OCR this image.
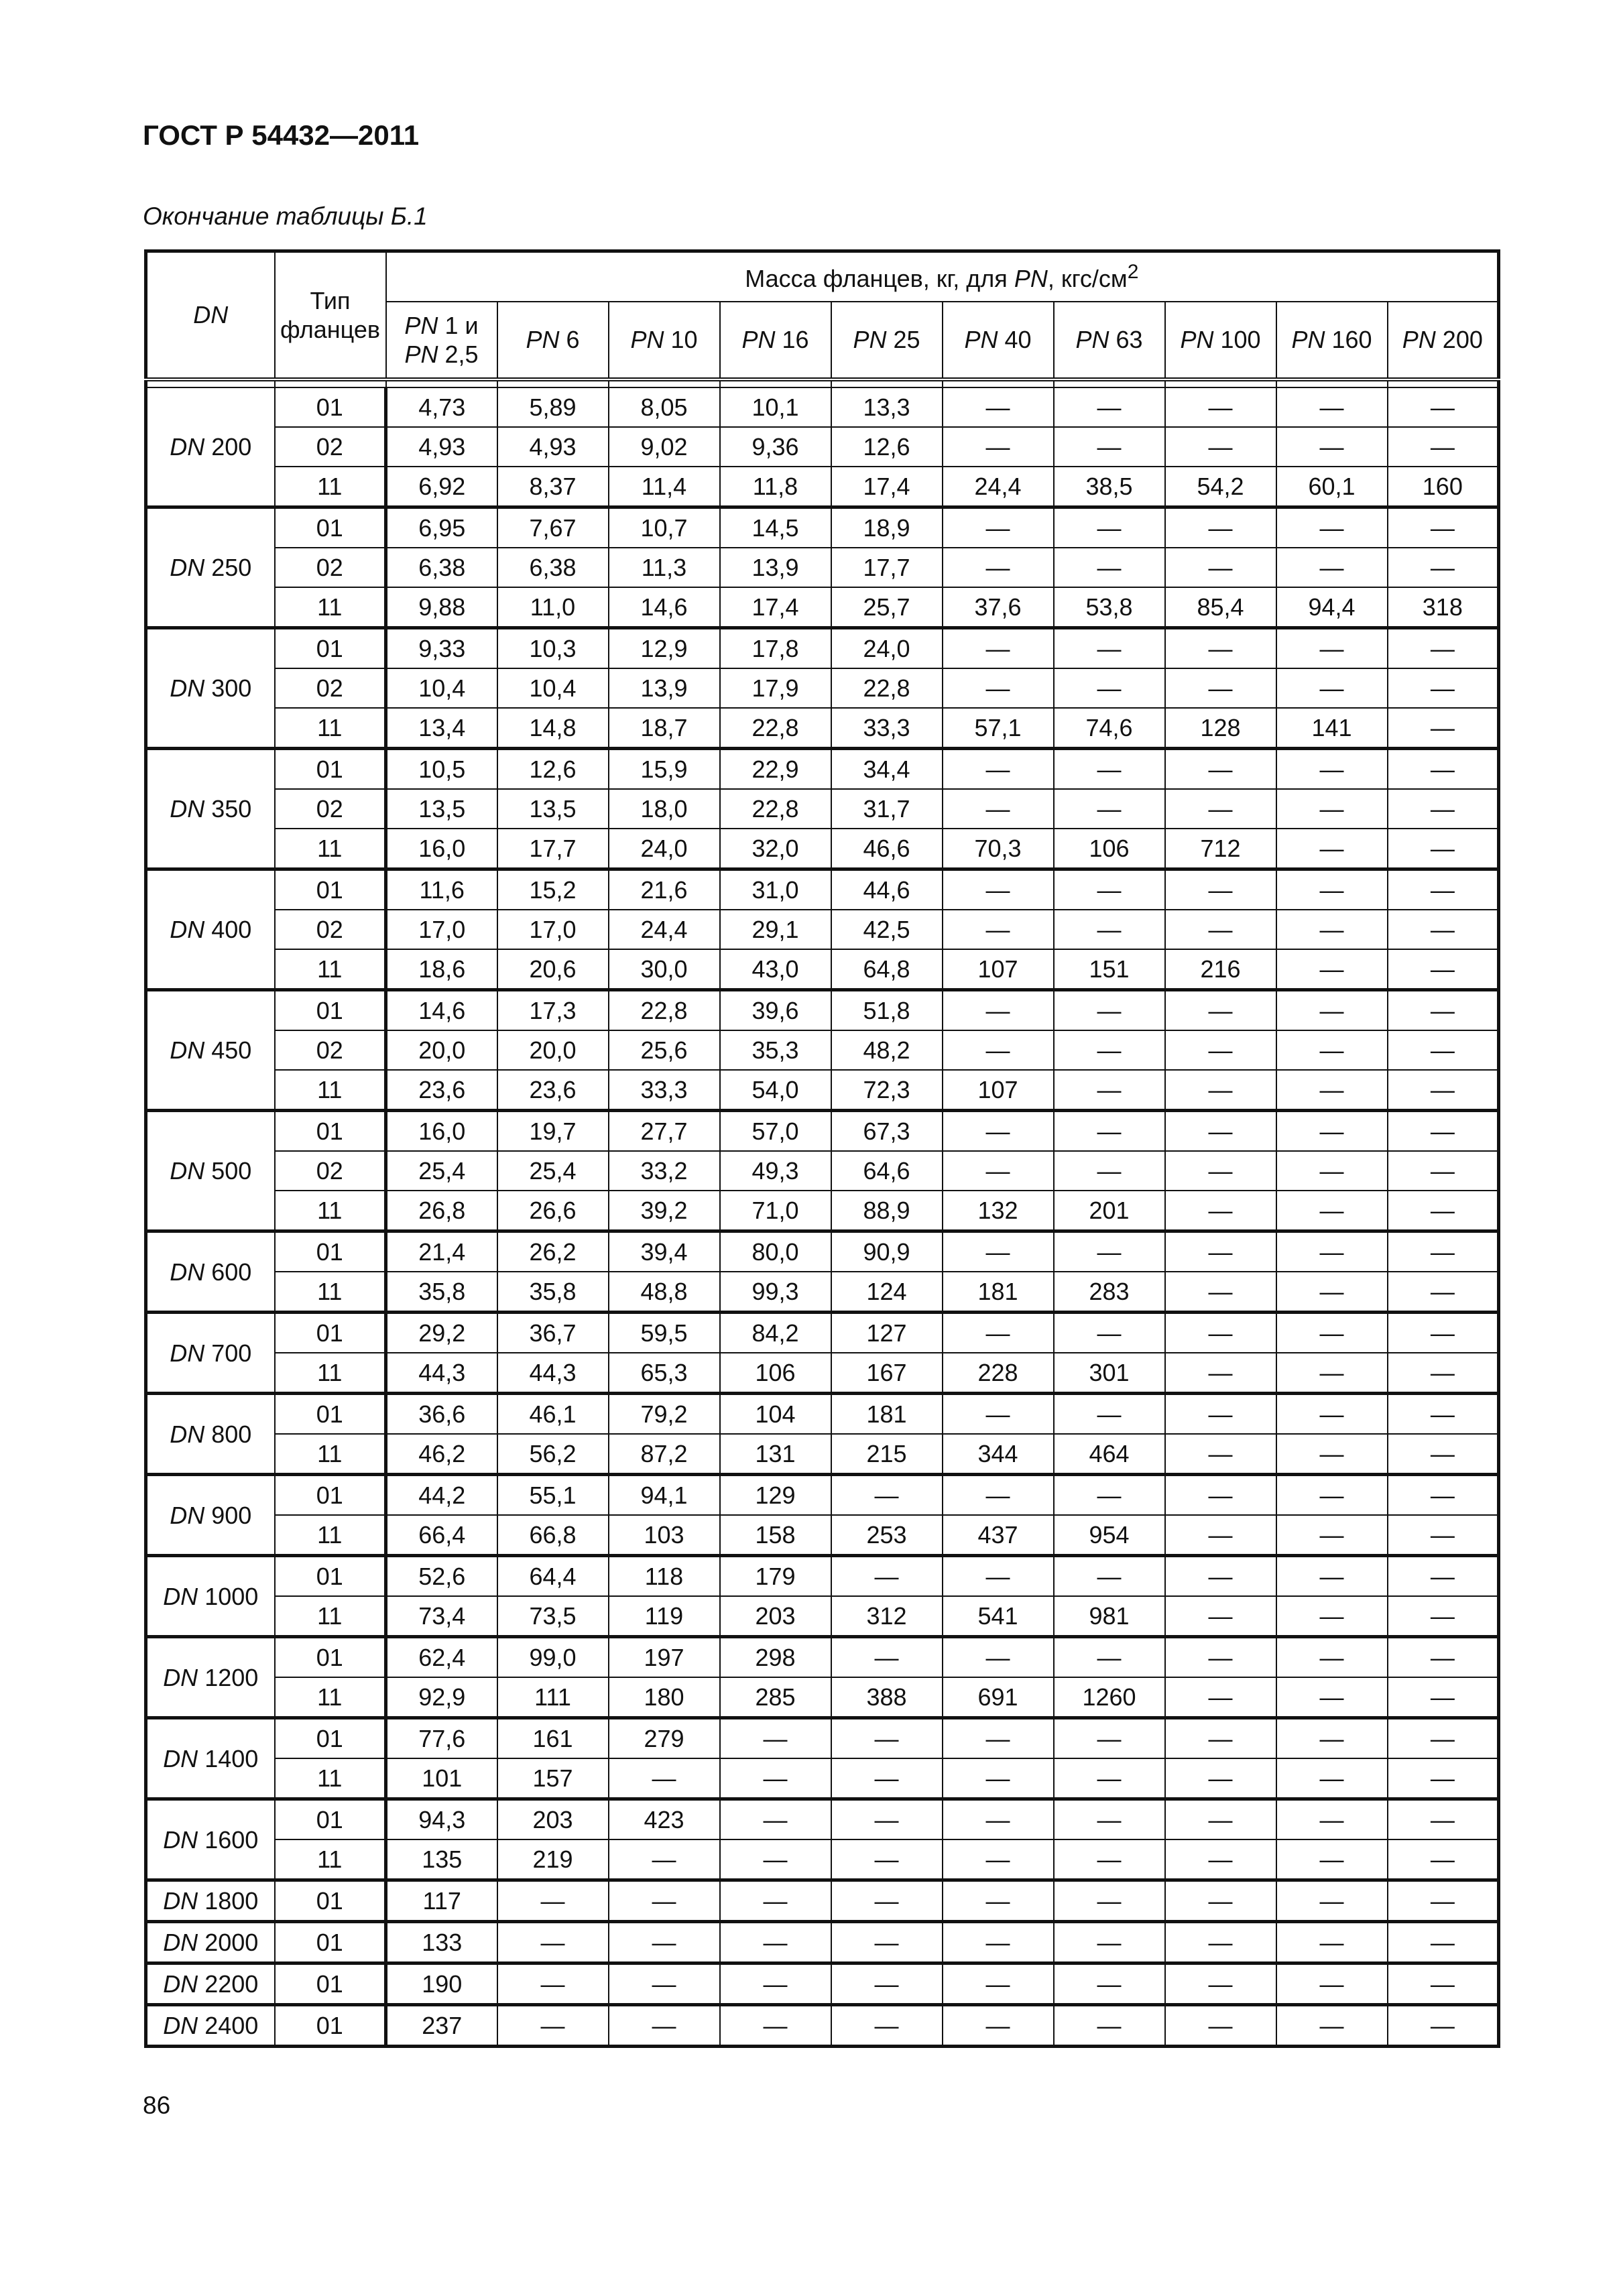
ГОСТ Р 54432—2011
Окончание таблицы Б.1
DN	Тип фланцев	Масса фланцев, кг, для PN, кгс/$см^2$
		PN 1 и
PN 2,5	PN 6	PN 10	PN 16	PN 25	PN 40	PN 63	PN 100	PN 160	PN 200

DN 200	01	4,73	5,89	8,05	10,1	13,3	—	—	—	—	—
	02	4,93	4,93	9,02	9,36	12,6	—	—	—	—	—
	11	6,92	8,37	11,4	11,8	17,4	24,4	38,5	54,2	60,1	160
DN 250	01	6,95	7,67	10,7	14,5	18,9	—	—	—	—	—
	02	6,38	6,38	11,3	13,9	17,7	—	—	—	—	—
	11	9,88	11,0	14,6	17,4	25,7	37,6	53,8	85,4	94,4	318
DN 300	01	9,33	10,3	12,9	17,8	24,0	—	—	—	—	—
	02	10,4	10,4	13,9	17,9	22,8	—	—	—	—	—
	11	13,4	14,8	18,7	22,8	33,3	57,1	74,6	128	141	—
DN 350	01	10,5	12,6	15,9	22,9	34,4	—	—	—	—	—
	02	13,5	13,5	18,0	22,8	31,7	—	—	—	—	—
	11	16,0	17,7	24,0	32,0	46,6	70,3	106	712	—	—
DN 400	01	11,6	15,2	21,6	31,0	44,6	—	—	—	—	—
	02	17,0	17,0	24,4	29,1	42,5	—	—	—	—	—
	11	18,6	20,6	30,0	43,0	64,8	107	151	216	—	—
DN 450	01	14,6	17,3	22,8	39,6	51,8	—	—	—	—	—
	02	20,0	20,0	25,6	35,3	48,2	—	—	—	—	—
	11	23,6	23,6	33,3	54,0	72,3	107	—	—	—	—
DN 500	01	16,0	19,7	27,7	57,0	67,3	—	—	—	—	—
	02	25,4	25,4	33,2	49,3	64,6	—	—	—	—	—
	11	26,8	26,6	39,2	71,0	88,9	132	201	—	—	—
DN 600	01	21,4	26,2	39,4	80,0	90,9	—	—	—	—	—
	11	35,8	35,8	48,8	99,3	124	181	283	—	—	—
DN 700	01	29,2	36,7	59,5	84,2	127	—	—	—	—	—
	11	44,3	44,3	65,3	106	167	228	301	—	—	—
DN 800	01	36,6	46,1	79,2	104	181	—	—	—	—	—
	11	46,2	56,2	87,2	131	215	344	464	—	—	—
DN 900	01	44,2	55,1	94,1	129	—	—	—	—	—	—
	11	66,4	66,8	103	158	253	437	954	—	—	—
DN 1000	01	52,6	64,4	118	179	—	—	—	—	—	—
	11	73,4	73,5	119	203	312	541	981	—	—	—
DN 1200	01	62,4	99,0	197	298	—	—	—	—	—	—
	11	92,9	111	180	285	388	691	1260	—	—	—
DN 1400	01	77,6	161	279	—	—	—	—	—	—	—
	11	101	157	—	—	—	—	—	—	—	—
DN 1600	01	94,3	203	423	—	—	—	—	—	—	—
	11	135	219	—	—	—	—	—	—	—	—
DN 1800	01	117	—	—	—	—	—	—	—	—	—
DN 2000	01	133	—	—	—	—	—	—	—	—	—
DN 2200	01	190	—	—	—	—	—	—	—	—	—
DN 2400	01	237	—	—	—	—	—	—	—	—	—
86
